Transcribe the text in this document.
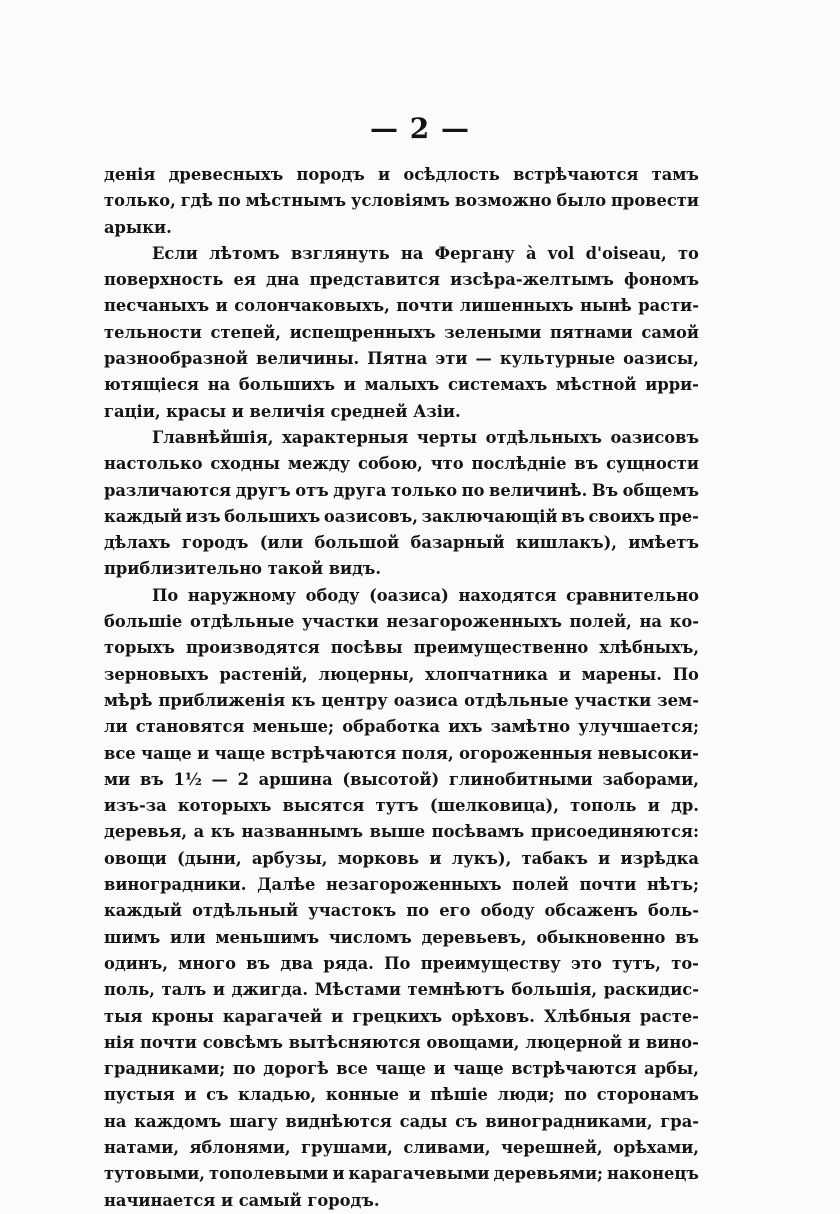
— 2 —
денія древесныхъ породъ и осѣдлость встрѣчаются тамъ
только, гдѣ по мѣстнымъ условіямъ возможно было провести
арыки.
Если лѣтомъ взглянуть на Фергану à vol d'oiseau, то
поверхность ея дна представится изсѣра-желтымъ фономъ
песчаныхъ и солончаковыхъ, почти лишенныхъ нынѣ расти-
тельности степей, испещренныхъ зелеными пятнами самой
разнообразной величины. Пятна эти — культурные оазисы,
ютящіеся на большихъ и малыхъ системахъ мѣстной ирри-
гаціи, красы и величія средней Азіи.
Главнѣйшія, характерныя черты отдѣльныхъ оазисовъ
настолько сходны между собою, что послѣдніе въ сущности
различаются другъ отъ друга только по величинѣ. Въ общемъ
каждый изъ большихъ оазисовъ, заключающій въ своихъ пре-
дѣлахъ городъ (или большой базарный кишлакъ), имѣетъ
приблизительно такой видъ.
По наружному ободу (оазиса) находятся сравнительно
большіе отдѣльные участки незагороженныхъ полей, на ко-
торыхъ производятся посѣвы преимущественно хлѣбныхъ,
зерновыхъ растеній, люцерны, хлопчатника и марены. По
мѣрѣ приближенія къ центру оазиса отдѣльные участки зем-
ли становятся меньше; обработка ихъ замѣтно улучшается;
все чаще и чаще встрѣчаются поля, огороженныя невысоки-
ми въ 1½ — 2 аршина (высотой) глинобитными заборами,
изъ-за которыхъ высятся тутъ (шелковица), тополь и др.
деревья, а къ названнымъ выше посѣвамъ присоединяются:
овощи (дыни, арбузы, морковь и лукъ), табакъ и изрѣдка
виноградники. Далѣе незагороженныхъ полей почти нѣтъ;
каждый отдѣльный участокъ по его ободу обсаженъ боль-
шимъ или меньшимъ числомъ деревьевъ, обыкновенно въ
одинъ, много въ два ряда. По преимуществу это тутъ, то-
поль, талъ и джигда. Мѣстами темнѣютъ большія, раскидис-
тыя кроны карагачей и грецкихъ орѣховъ. Хлѣбныя расте-
нія почти совсѣмъ вытѣсняются овощами, люцерной и вино-
градниками; по дорогѣ все чаще и чаще встрѣчаются арбы,
пустыя и съ кладью, конные и пѣшіе люди; по сторонамъ
на каждомъ шагу виднѣются сады съ виноградниками, гра-
натами, яблонями, грушами, сливами, черешней, орѣхами,
тутовыми, тополевыми и карагачевыми деревьями; наконецъ
начинается и самый городъ.
